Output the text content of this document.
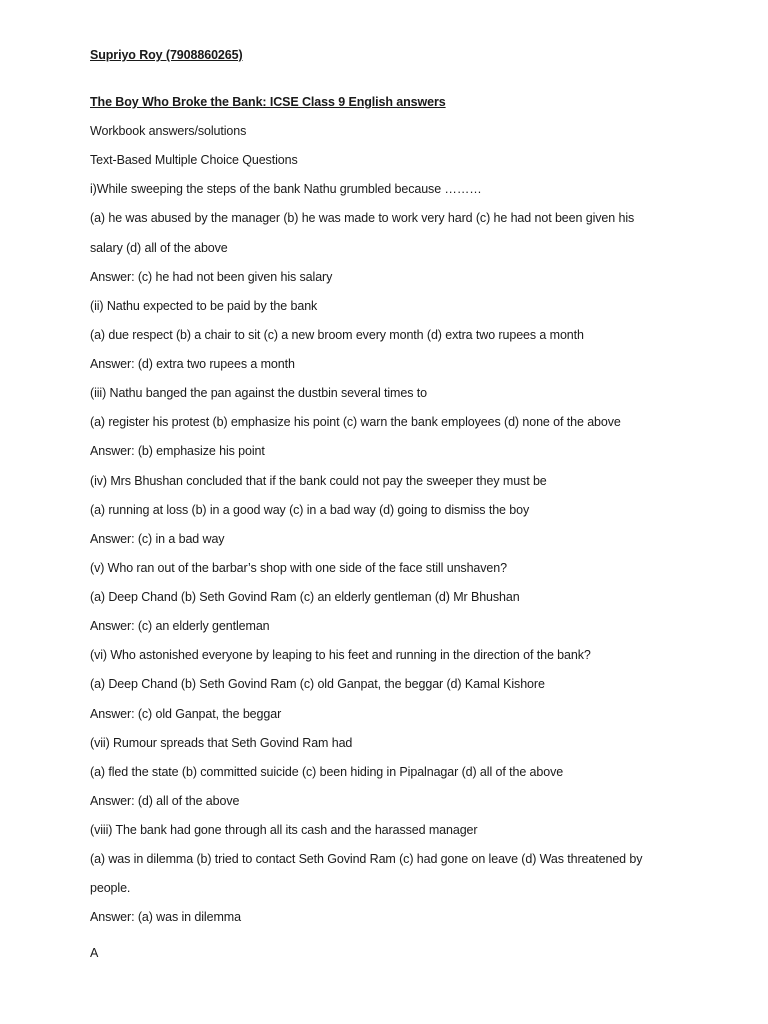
Supriyo Roy (7908860265)
The Boy Who Broke the Bank: ICSE Class 9 English answers
Workbook answers/solutions
Text-Based Multiple Choice Questions
i)While sweeping the steps of the bank Nathu grumbled because ………
(a) he was abused by the manager (b) he was made to work very hard (c) he had not been given his
salary (d) all of the above
Answer: (c) he had not been given his salary
(ii) Nathu expected to be paid by the bank
(a) due respect (b) a chair to sit (c) a new broom every month (d) extra two rupees a month
Answer: (d) extra two rupees a month
(iii) Nathu banged the pan against the dustbin several times to
(a) register his protest (b) emphasize his point (c) warn the bank employees (d) none of the above
Answer: (b) emphasize his point
(iv) Mrs Bhushan concluded that if the bank could not pay the sweeper they must be
(a) running at loss (b) in a good way (c) in a bad way (d) going to dismiss the boy
Answer: (c) in a bad way
(v) Who ran out of the barbar’s shop with one side of the face still unshaven?
(a) Deep Chand (b) Seth Govind Ram (c) an elderly gentleman (d) Mr Bhushan
Answer: (c) an elderly gentleman
(vi) Who astonished everyone by leaping to his feet and running in the direction of the bank?
(a) Deep Chand (b) Seth Govind Ram (c) old Ganpat, the beggar (d) Kamal Kishore
Answer: (c) old Ganpat, the beggar
(vii) Rumour spreads that Seth Govind Ram had
(a) fled the state (b) committed suicide (c) been hiding in Pipalnagar (d) all of the above
Answer: (d) all of the above
(viii) The bank had gone through all its cash and the harassed manager
(a) was in dilemma (b) tried to contact Seth Govind Ram (c) had gone on leave (d) Was threatened by
people.
Answer: (a) was in dilemma
A
